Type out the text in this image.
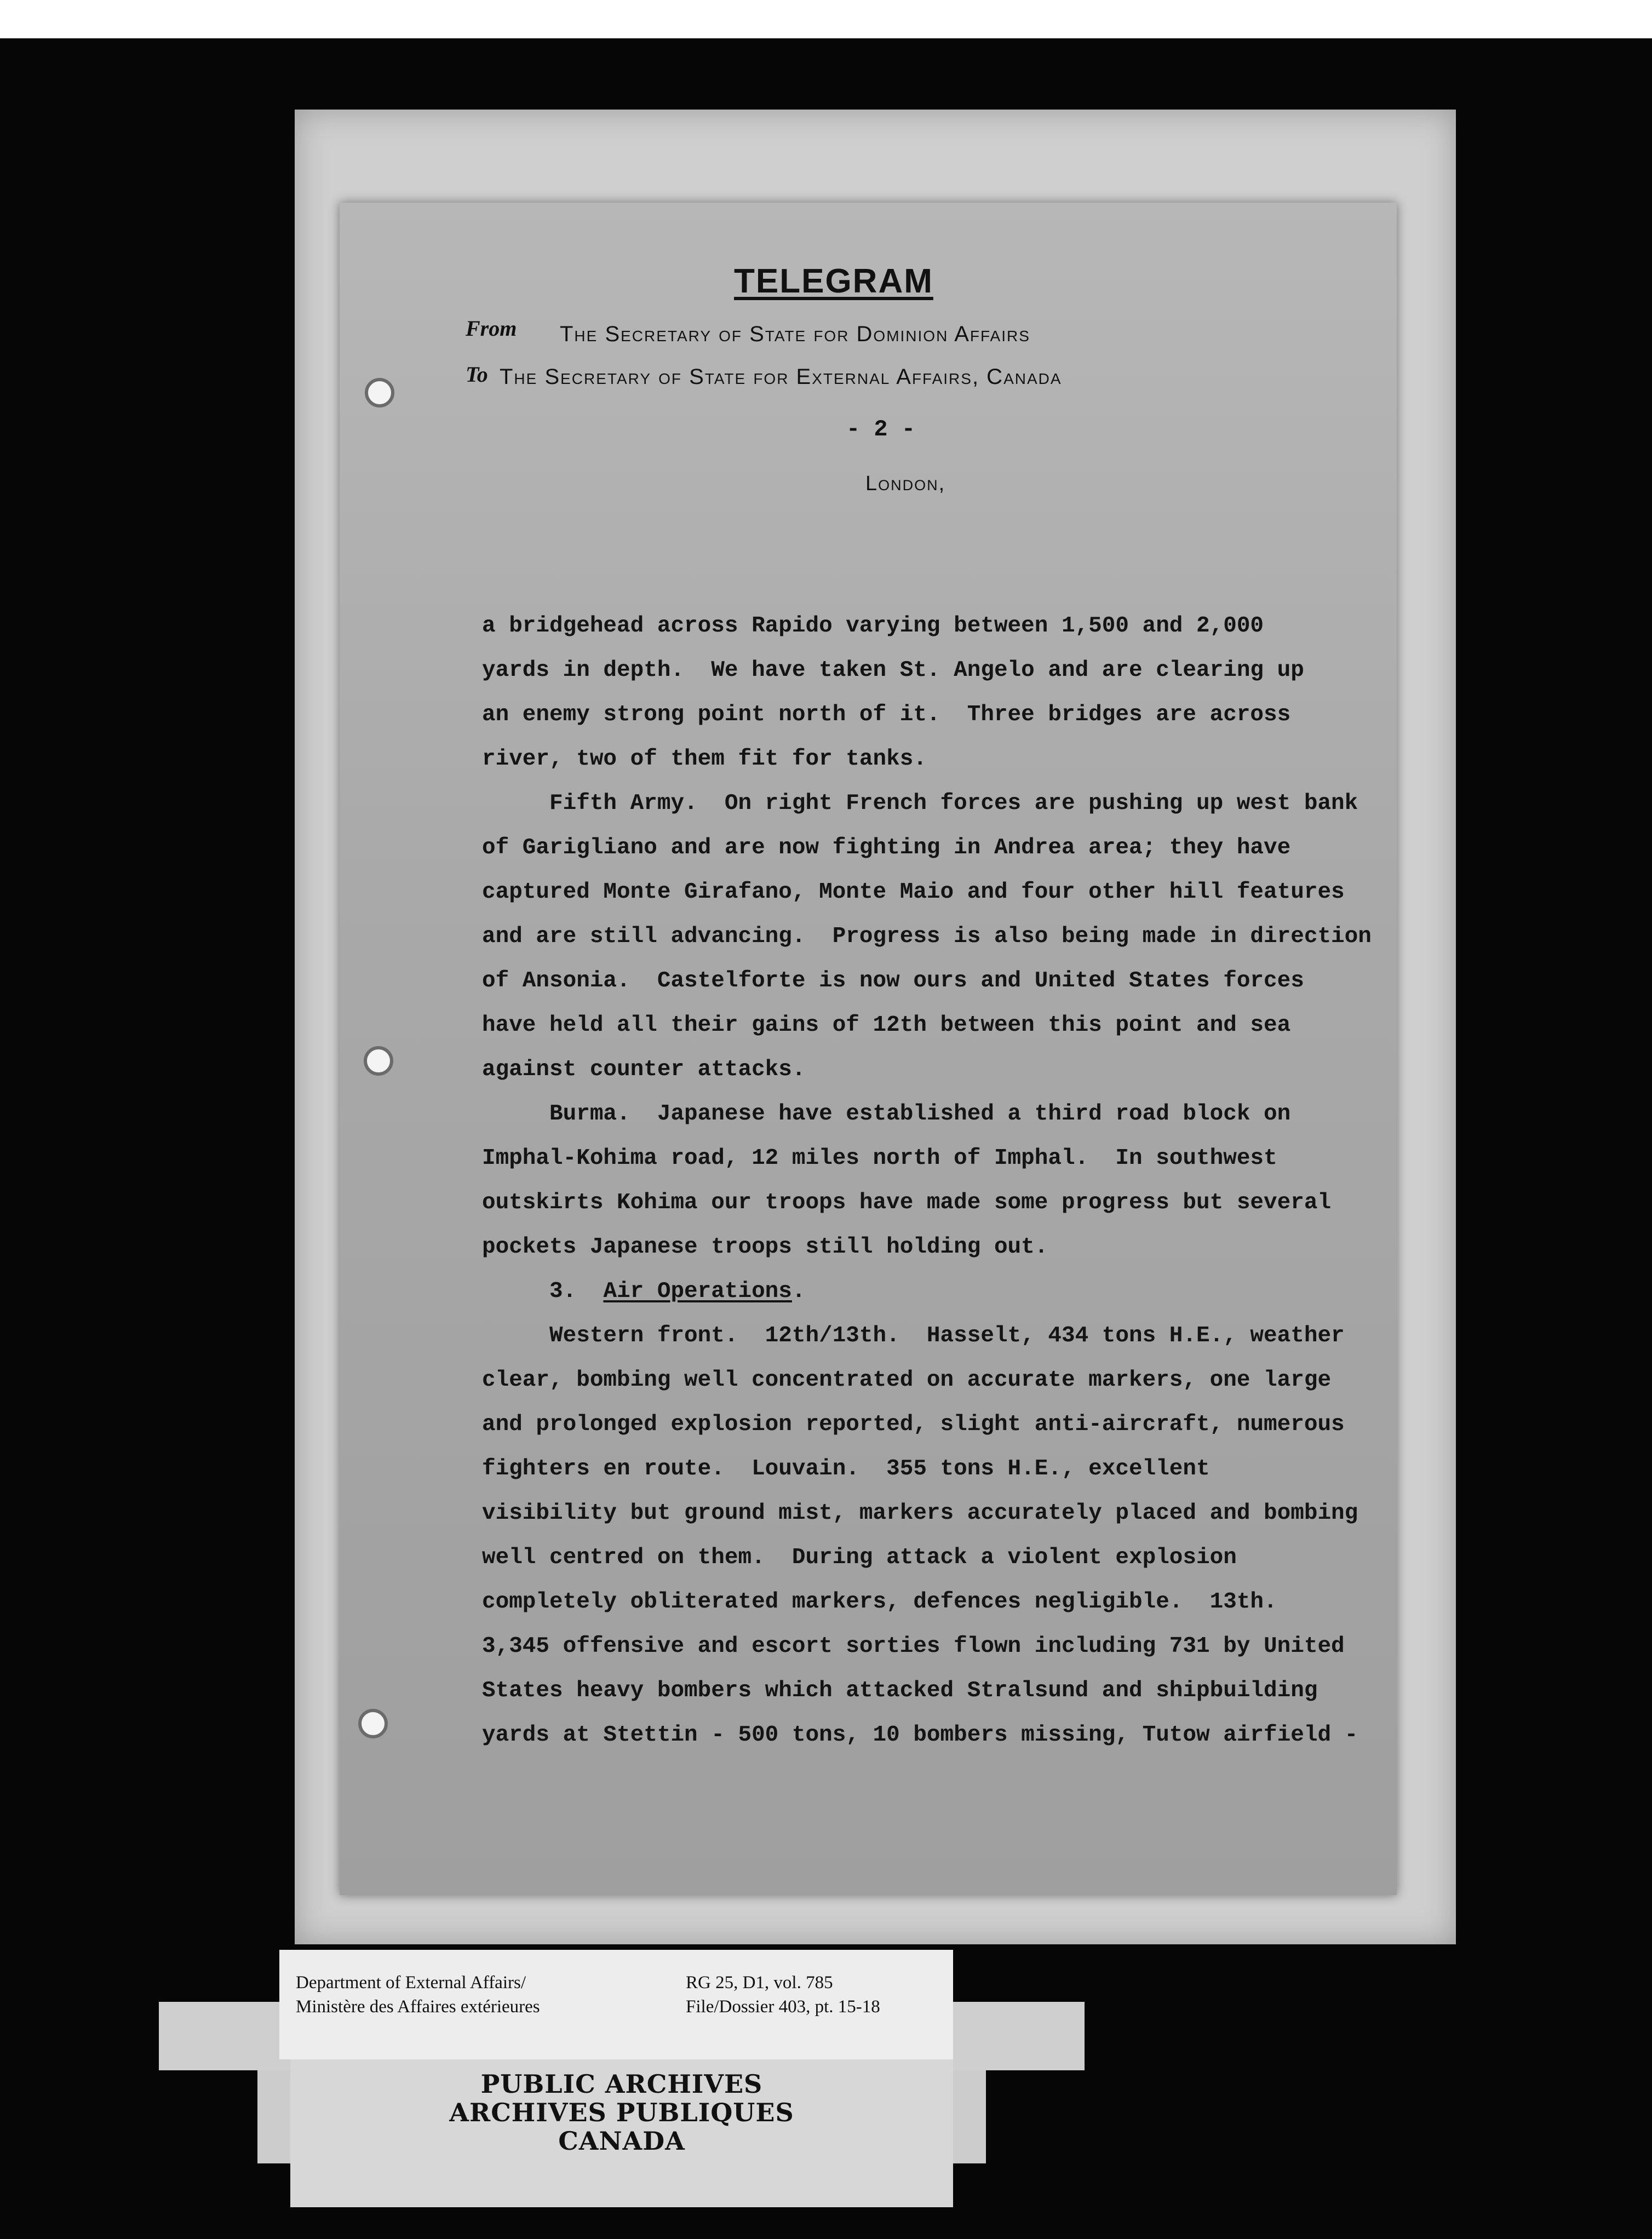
TELEGRAM
From The Secretary of State for Dominion Affairs
To The Secretary of State for External Affairs, Canada
- 2 -
London,
a bridgehead across Rapido varying between 1,500 and 2,000
yards in depth.  We have taken St. Angelo and are clearing up
an enemy strong point north of it.  Three bridges are across
river, two of them fit for tanks.
Fifth Army.  On right French forces are pushing up west bank
of Garigliano and are now fighting in Andrea area; they have
captured Monte Girafano, Monte Maio and four other hill features
and are still advancing.  Progress is also being made in direction
of Ansonia.  Castelforte is now ours and United States forces
have held all their gains of 12th between this point and sea
against counter attacks.
Burma.  Japanese have established a third road block on
Imphal-Kohima road, 12 miles north of Imphal.  In southwest
outskirts Kohima our troops have made some progress but several
pockets Japanese troops still holding out.
3.  Air Operations.
Western front.  12th/13th.  Hasselt, 434 tons H.E., weather
clear, bombing well concentrated on accurate markers, one large
and prolonged explosion reported, slight anti-aircraft, numerous
fighters en route.  Louvain.  355 tons H.E., excellent
visibility but ground mist, markers accurately placed and bombing
well centred on them.  During attack a violent explosion
completely obliterated markers, defences negligible.  13th.
3,345 offensive and escort sorties flown including 731 by United
States heavy bombers which attacked Stralsund and shipbuilding
yards at Stettin - 500 tons, 10 bombers missing, Tutow airfield -
Department of External Affairs/
Ministère des Affaires extérieures
RG 25, D1, vol. 785
File/Dossier 403, pt. 15-18
PUBLIC ARCHIVES
ARCHIVES PUBLIQUES
CANADA
